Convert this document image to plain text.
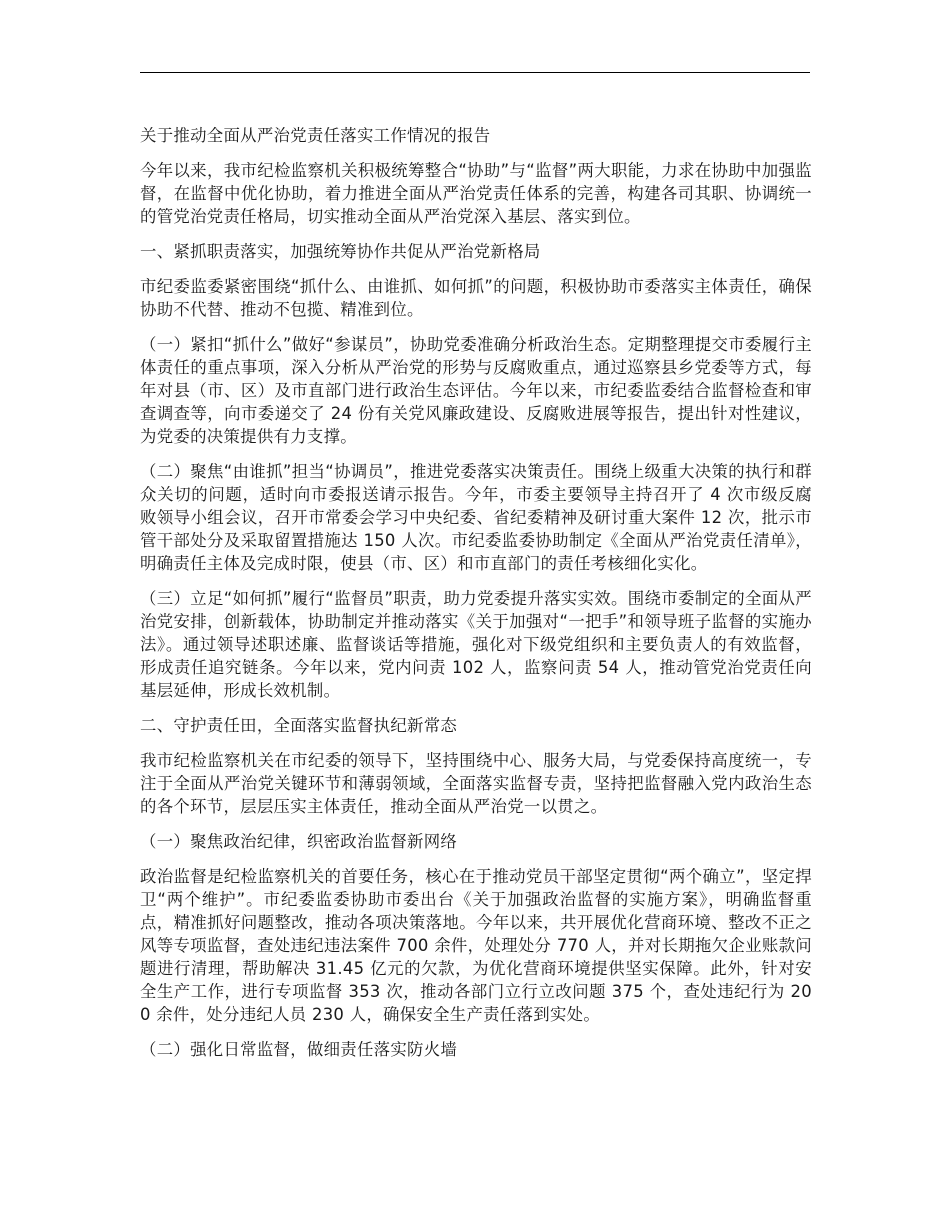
关于推动全面从严治党责任落实工作情况的报告

今年以来，我市纪检监察机关积极统筹整合“协助”与“监督”两大职能，力求在协助中加强监督，在监督中优化协助，着力推进全面从严治党责任体系的完善，构建各司其职、协调统一的管党治党责任格局，切实推动全面从严治党深入基层、落实到位。

一、紧抓职责落实，加强统筹协作共促从严治党新格局

市纪委监委紧密围绕“抓什么、由谁抓、如何抓”的问题，积极协助市委落实主体责任，确保协助不代替、推动不包揽、精准到位。

（一）紧扣“抓什么”做好“参谋员”，协助党委准确分析政治生态。定期整理提交市委履行主体责任的重点事项，深入分析从严治党的形势与反腐败重点，通过巡察县乡党委等方式，每年对县（市、区）及市直部门进行政治生态评估。今年以来，市纪委监委结合监督检查和审查调查等，向市委递交了 24 份有关党风廉政建设、反腐败进展等报告，提出针对性建议，为党委的决策提供有力支撑。

（二）聚焦“由谁抓”担当“协调员”，推进党委落实决策责任。围绕上级重大决策的执行和群众关切的问题，适时向市委报送请示报告。今年，市委主要领导主持召开了 4 次市级反腐败领导小组会议，召开市常委会学习中央纪委、省纪委精神及研讨重大案件 12 次，批示市管干部处分及采取留置措施达 150 人次。市纪委监委协助制定《全面从严治党责任清单》，明确责任主体及完成时限，使县（市、区）和市直部门的责任考核细化实化。

（三）立足“如何抓”履行“监督员”职责，助力党委提升落实实效。围绕市委制定的全面从严治党安排，创新载体，协助制定并推动落实《关于加强对“一把手”和领导班子监督的实施办法》。通过领导述职述廉、监督谈话等措施，强化对下级党组织和主要负责人的有效监督，形成责任追究链条。今年以来，党内问责 102 人，监察问责 54 人，推动管党治党责任向基层延伸，形成长效机制。

二、守护责任田，全面落实监督执纪新常态

我市纪检监察机关在市纪委的领导下，坚持围绕中心、服务大局，与党委保持高度统一，专注于全面从严治党关键环节和薄弱领域，全面落实监督专责，坚持把监督融入党内政治生态的各个环节，层层压实主体责任，推动全面从严治党一以贯之。

（一）聚焦政治纪律，织密政治监督新网络

政治监督是纪检监察机关的首要任务，核心在于推动党员干部坚定贯彻“两个确立”，坚定捍卫“两个维护”。市纪委监委协助市委出台《关于加强政治监督的实施方案》，明确监督重点，精准抓好问题整改，推动各项决策落地。今年以来，共开展优化营商环境、整改不正之风等专项监督，查处违纪违法案件 700 余件，处理处分 770 人，并对长期拖欠企业账款问题进行清理，帮助解决 31.45 亿元的欠款，为优化营商环境提供坚实保障。此外，针对安全生产工作，进行专项监督 353 次，推动各部门立行立改问题 375 个，查处违纪行为 200 余件，处分违纪人员 230 人，确保安全生产责任落到实处。

（二）强化日常监督，做细责任落实防火墙
